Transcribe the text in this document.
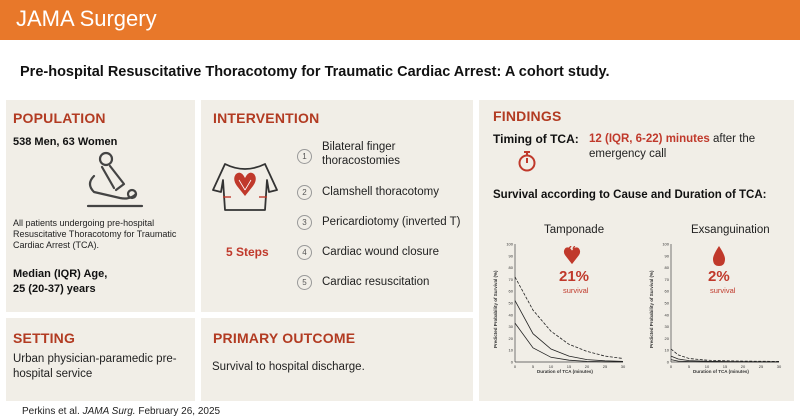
JAMA Surgery
Pre-hospital Resuscitative Thoracotomy for Traumatic Cardiac Arrest: A cohort study.
POPULATION
538 Men, 63 Women
All patients undergoing pre-hospital Resuscitative Thoracotomy for Traumatic Cardiac Arrest (TCA).
Median (IQR) Age,
25 (20-37) years
INTERVENTION
5 Steps
1
Bilateral finger thoracostomies
2	Clamshell thoracotomy
3	Pericardiotomy (inverted T)
4	Cardiac wound closure
5	Cardiac resuscitation
SETTING
Urban physician-paramedic pre-hospital service
PRIMARY OUTCOME
Survival to hospital discharge.
FINDINGS
Timing of TCA: 12 (IQR, 6-22) minutes after the emergency call
Survival according to Cause and Duration of TCA:
Tamponade
0
10
20
30
40
50
60
70
80
90
100
0	5	10	15	20	25	30
Predicted Probability of Survival (%)
Duration of TCA (minutes)
21%
survival
Exsanguination
0
10
20
30
40
50
60
70
80
90
100
0	5	10	15	20	25	30
Predicted Probability of Survival (%)
Duration of TCA (minutes)
2%
survival
Perkins et al. JAMA Surg. February 26, 2025
